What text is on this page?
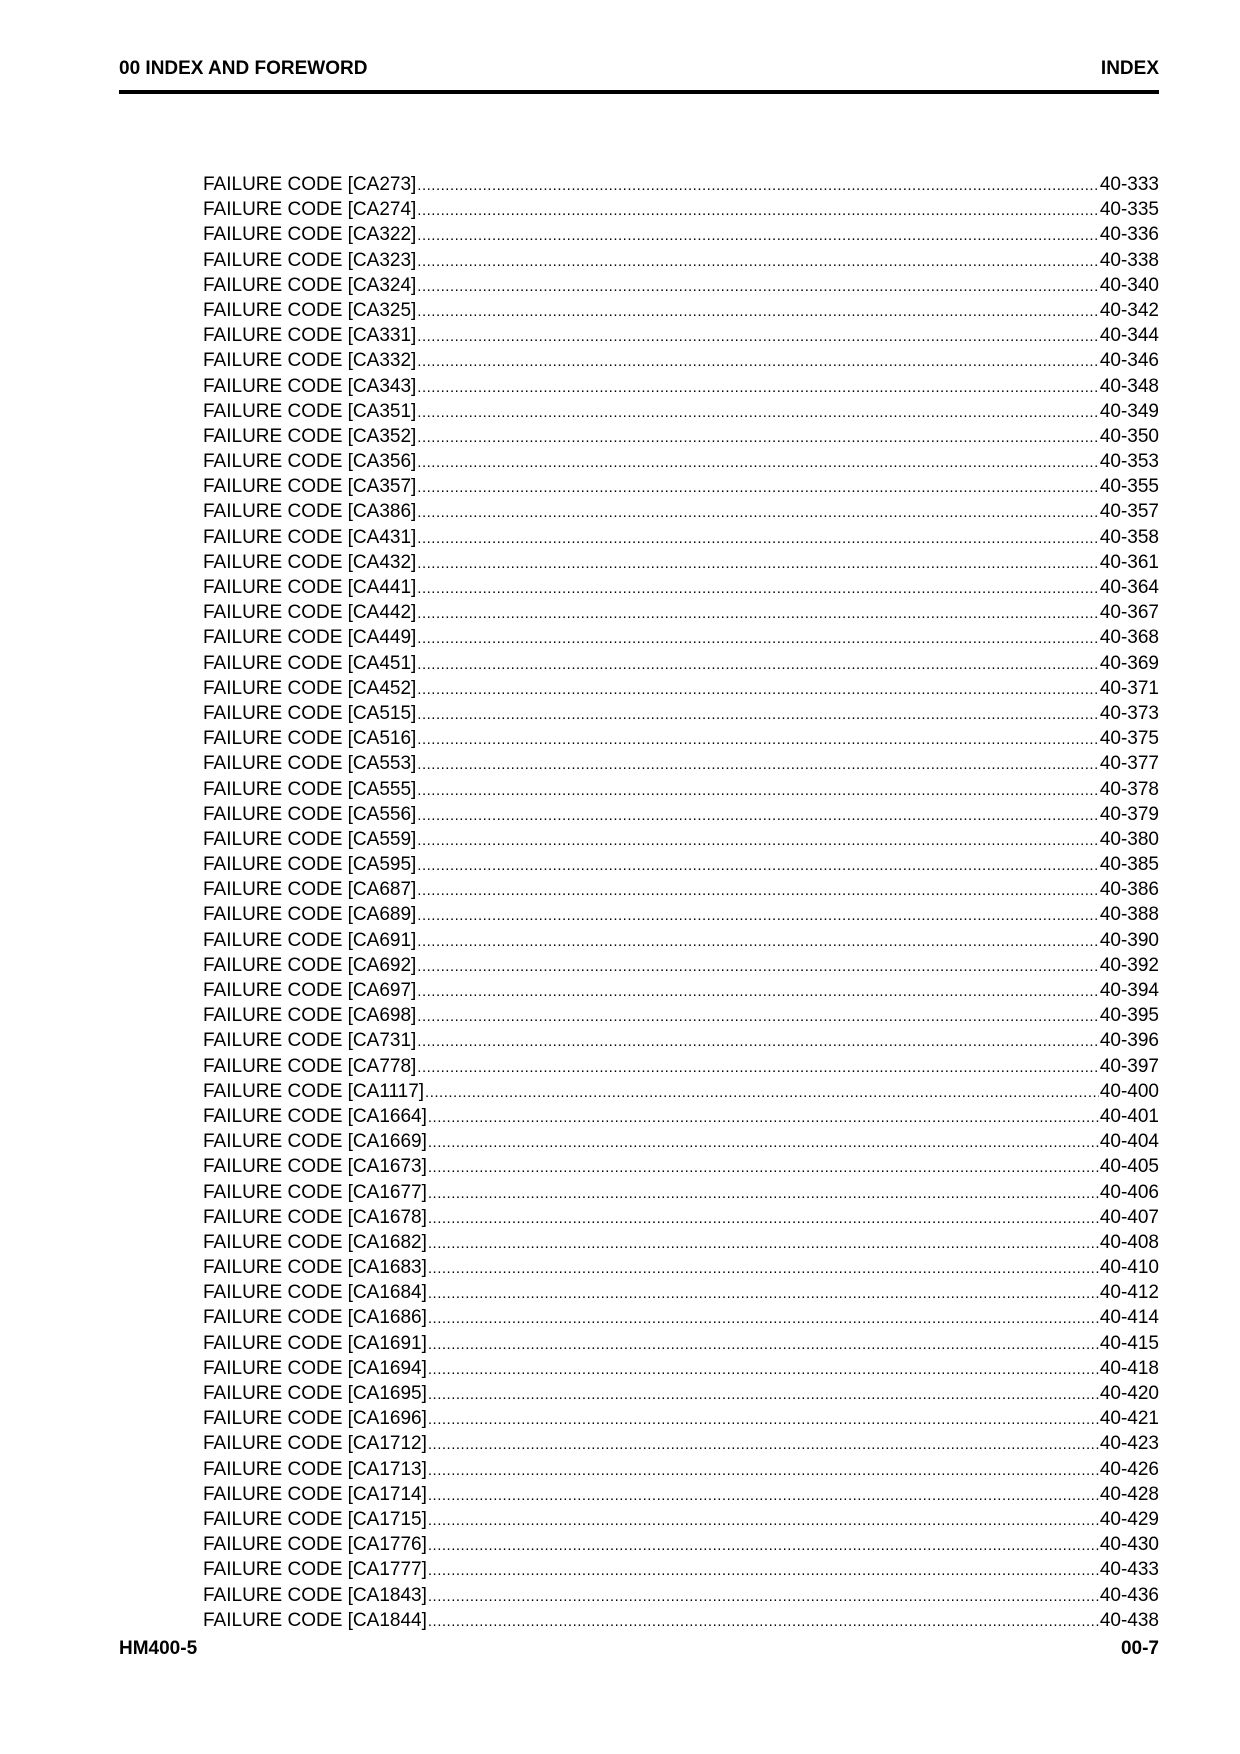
00 INDEX AND FOREWORD	INDEX
FAILURE CODE [CA273] .....	40-333
FAILURE CODE [CA274] .....	40-335
FAILURE CODE [CA322] .....	40-336
FAILURE CODE [CA323] .....	40-338
FAILURE CODE [CA324] .....	40-340
FAILURE CODE [CA325] .....	40-342
FAILURE CODE [CA331] .....	40-344
FAILURE CODE [CA332] .....	40-346
FAILURE CODE [CA343] .....	40-348
FAILURE CODE [CA351] .....	40-349
FAILURE CODE [CA352] .....	40-350
FAILURE CODE [CA356] .....	40-353
FAILURE CODE [CA357] .....	40-355
FAILURE CODE [CA386] .....	40-357
FAILURE CODE [CA431] .....	40-358
FAILURE CODE [CA432] .....	40-361
FAILURE CODE [CA441] .....	40-364
FAILURE CODE [CA442] .....	40-367
FAILURE CODE [CA449] .....	40-368
FAILURE CODE [CA451] .....	40-369
FAILURE CODE [CA452] .....	40-371
FAILURE CODE [CA515] .....	40-373
FAILURE CODE [CA516] .....	40-375
FAILURE CODE [CA553] .....	40-377
FAILURE CODE [CA555] .....	40-378
FAILURE CODE [CA556] .....	40-379
FAILURE CODE [CA559] .....	40-380
FAILURE CODE [CA595] .....	40-385
FAILURE CODE [CA687] .....	40-386
FAILURE CODE [CA689] .....	40-388
FAILURE CODE [CA691] .....	40-390
FAILURE CODE [CA692] .....	40-392
FAILURE CODE [CA697] .....	40-394
FAILURE CODE [CA698] .....	40-395
FAILURE CODE [CA731] .....	40-396
FAILURE CODE [CA778] .....	40-397
FAILURE CODE [CA1117] .....	40-400
FAILURE CODE [CA1664] .....	40-401
FAILURE CODE [CA1669] .....	40-404
FAILURE CODE [CA1673] .....	40-405
FAILURE CODE [CA1677] .....	40-406
FAILURE CODE [CA1678] .....	40-407
FAILURE CODE [CA1682] .....	40-408
FAILURE CODE [CA1683] .....	40-410
FAILURE CODE [CA1684] .....	40-412
FAILURE CODE [CA1686] .....	40-414
FAILURE CODE [CA1691] .....	40-415
FAILURE CODE [CA1694] .....	40-418
FAILURE CODE [CA1695] .....	40-420
FAILURE CODE [CA1696] .....	40-421
FAILURE CODE [CA1712] .....	40-423
FAILURE CODE [CA1713] .....	40-426
FAILURE CODE [CA1714] .....	40-428
FAILURE CODE [CA1715] .....	40-429
FAILURE CODE [CA1776] .....	40-430
FAILURE CODE [CA1777] .....	40-433
FAILURE CODE [CA1843] .....	40-436
FAILURE CODE [CA1844] .....	40-438
HM400-5	00-7
